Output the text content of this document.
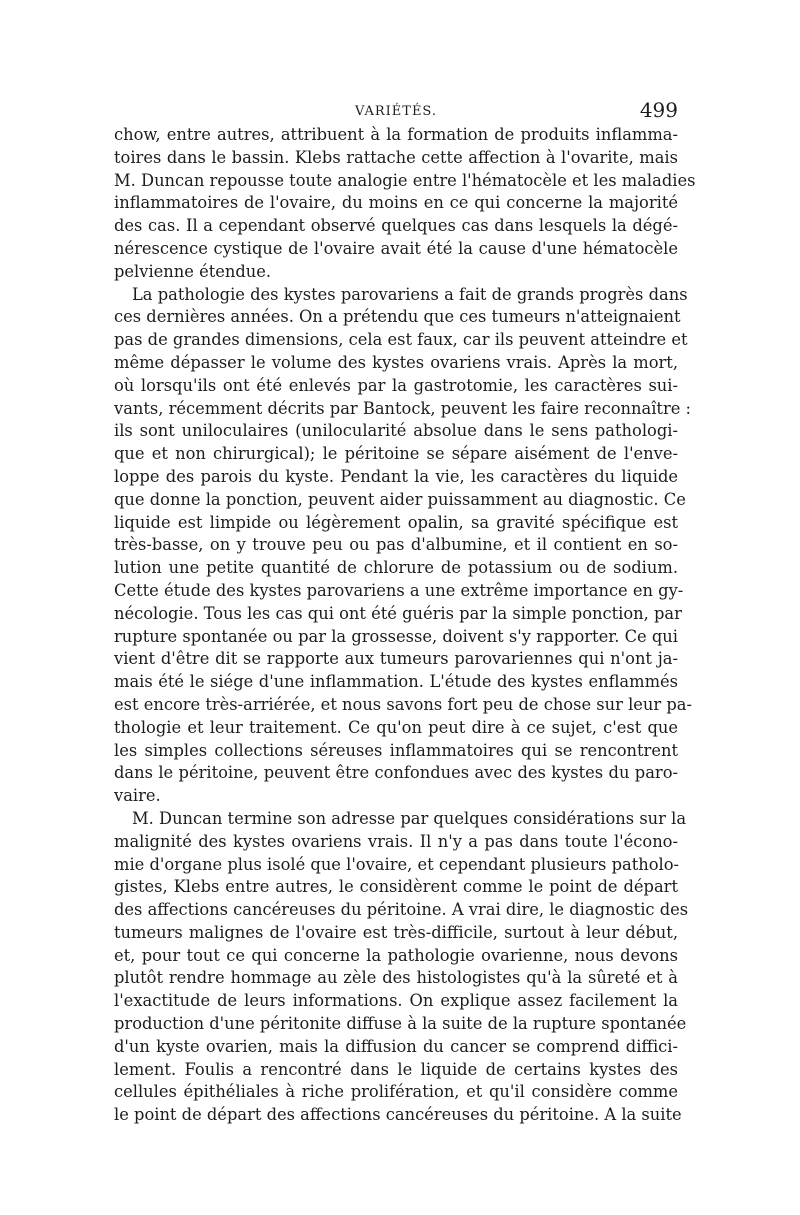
VARIÉTÉS.	499
chow, entre autres, attribuent à la formation de produits inflamma-
toires dans le bassin. Klebs rattache cette affection à l'ovarite, mais
M. Duncan repousse toute analogie entre l'hématocèle et les maladies
inflammatoires de l'ovaire, du moins en ce qui concerne la majorité
des cas. Il a cependant observé quelques cas dans lesquels la dégé-
nérescence cystique de l'ovaire avait été la cause d'une hématocèle
pelvienne étendue.
La pathologie des kystes parovariens a fait de grands progrès dans
ces dernières années. On a prétendu que ces tumeurs n'atteignaient
pas de grandes dimensions, cela est faux, car ils peuvent atteindre et
même dépasser le volume des kystes ovariens vrais. Après la mort,
où lorsqu'ils ont été enlevés par la gastrotomie, les caractères sui-
vants, récemment décrits par Bantock, peuvent les faire reconnaître :
ils sont uniloculaires (unilocularité absolue dans le sens pathologi-
que et non chirurgical); le péritoine se sépare aisément de l'enve-
loppe des parois du kyste. Pendant la vie, les caractères du liquide
que donne la ponction, peuvent aider puissamment au diagnostic. Ce
liquide est limpide ou légèrement opalin, sa gravité spécifique est
très-basse, on y trouve peu ou pas d'albumine, et il contient en so-
lution une petite quantité de chlorure de potassium ou de sodium.
Cette étude des kystes parovariens a une extrême importance en gy-
nécologie. Tous les cas qui ont été guéris par la simple ponction, par
rupture spontanée ou par la grossesse, doivent s'y rapporter. Ce qui
vient d'être dit se rapporte aux tumeurs parovariennes qui n'ont ja-
mais été le siége d'une inflammation. L'étude des kystes enflammés
est encore très-arriérée, et nous savons fort peu de chose sur leur pa-
thologie et leur traitement. Ce qu'on peut dire à ce sujet, c'est que
les simples collections séreuses inflammatoires qui se rencontrent
dans le péritoine, peuvent être confondues avec des kystes du paro-
vaire.
M. Duncan termine son adresse par quelques considérations sur la
malignité des kystes ovariens vrais. Il n'y a pas dans toute l'écono-
mie d'organe plus isolé que l'ovaire, et cependant plusieurs patholo-
gistes, Klebs entre autres, le considèrent comme le point de départ
des affections cancéreuses du péritoine. A vrai dire, le diagnostic des
tumeurs malignes de l'ovaire est très-difficile, surtout à leur début,
et, pour tout ce qui concerne la pathologie ovarienne, nous devons
plutôt rendre hommage au zèle des histologistes qu'à la sûreté et à
l'exactitude de leurs informations. On explique assez facilement la
production d'une péritonite diffuse à la suite de la rupture spontanée
d'un kyste ovarien, mais la diffusion du cancer se comprend diffici-
lement. Foulis a rencontré dans le liquide de certains kystes des
cellules épithéliales à riche prolifération, et qu'il considère comme
le point de départ des affections cancéreuses du péritoine. A la suite
